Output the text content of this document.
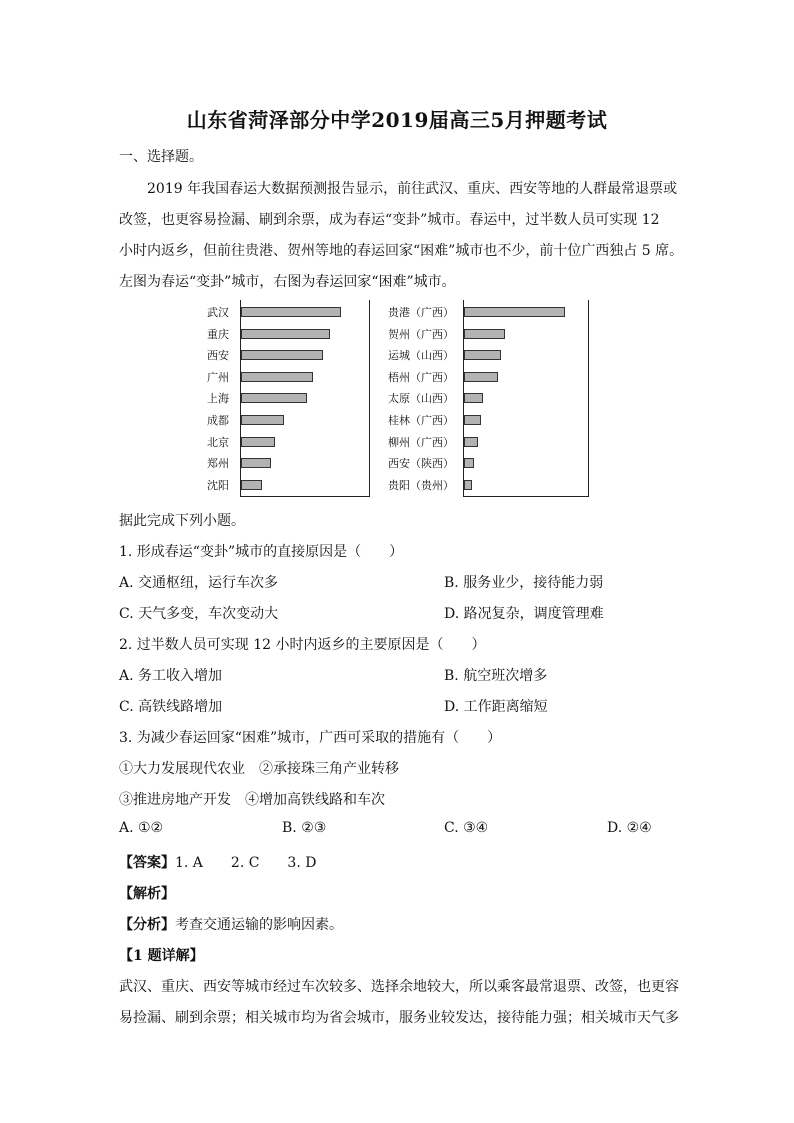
山东省菏泽部分中学2019届高三5月押题考试
一、选择题。
2019 年我国春运大数据预测报告显示，前往武汉、重庆、西安等地的人群最常退票或
改签，也更容易捡漏、刷到余票，成为春运“变卦”城市。春运中，过半数人员可实现 12
小时内返乡，但前往贵港、贺州等地的春运回家“困难”城市也不少，前十位广西独占 5 席。
左图为春运“变卦”城市，右图为春运回家“困难”城市。
武汉
重庆
西安
广州
上海
成都
北京
郑州
沈阳
贵港（广西）
贺州（广西）
运城（山西）
梧州（广西）
太原（山西）
桂林（广西）
柳州（广西）
西安（陕西）
贵阳（贵州）
据此完成下列小题。
1. 形成春运“变卦”城市的直接原因是（　　）
A. 交通枢纽，运行车次多	B. 服务业少，接待能力弱
C. 天气多变，车次变动大	D. 路况复杂，调度管理难
2. 过半数人员可实现 12 小时内返乡的主要原因是（　　）
A. 务工收入增加	B. 航空班次增多
C. 高铁线路增加	D. 工作距离缩短
3. 为减少春运回家“困难”城市，广西可采取的措施有（　　）
①大力发展现代农业　②承接珠三角产业转移
③推进房地产开发　④增加高铁线路和车次
A. ①②	B. ②③	C. ③④	D. ②④
【答案】1. A　　2. C　　3. D
【解析】
【分析】考查交通运输的影响因素。
【1 题详解】
武汉、重庆、西安等城市经过车次较多、选择余地较大，所以乘客最常退票、改签，也更容
易捡漏、刷到余票；相关城市均为省会城市，服务业较发达，接待能力强；相关城市天气多
